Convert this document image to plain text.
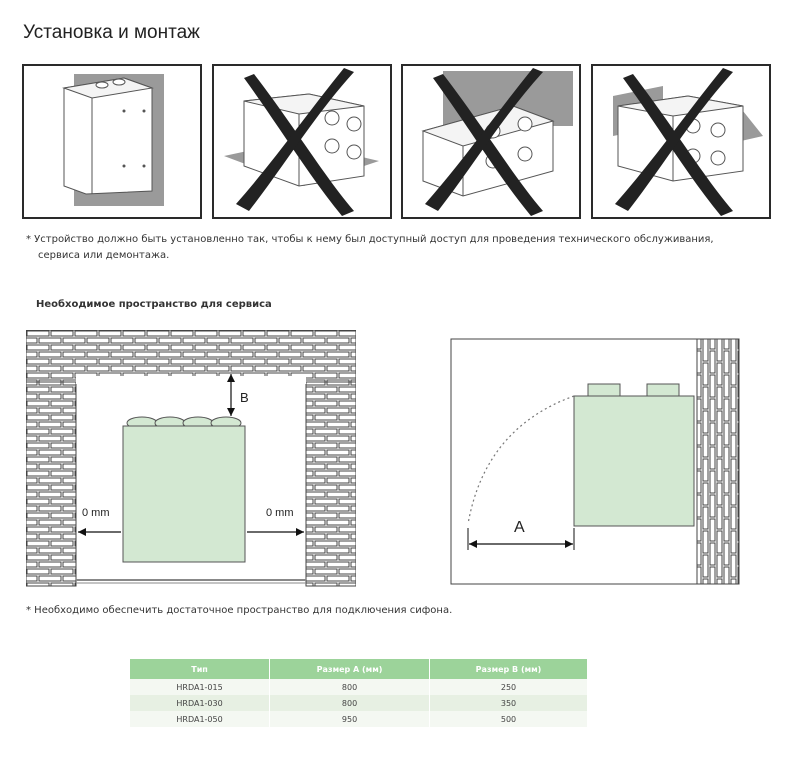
Установка и монтаж
* Устройство должно быть установленно так, чтобы к нему был доступный доступ для проведения технического обслуживания,
сервиса или демонтажа.
Необходимое пространство для сервиса
B
0 mm	0 mm
A
* Необходимо обеспечить достаточное пространство для подключения сифона.
Тип	Размер А (мм)	Размер В (мм)
HRDA1-015	800	250
HRDA1-030	800	350
HRDA1-050	950	500
